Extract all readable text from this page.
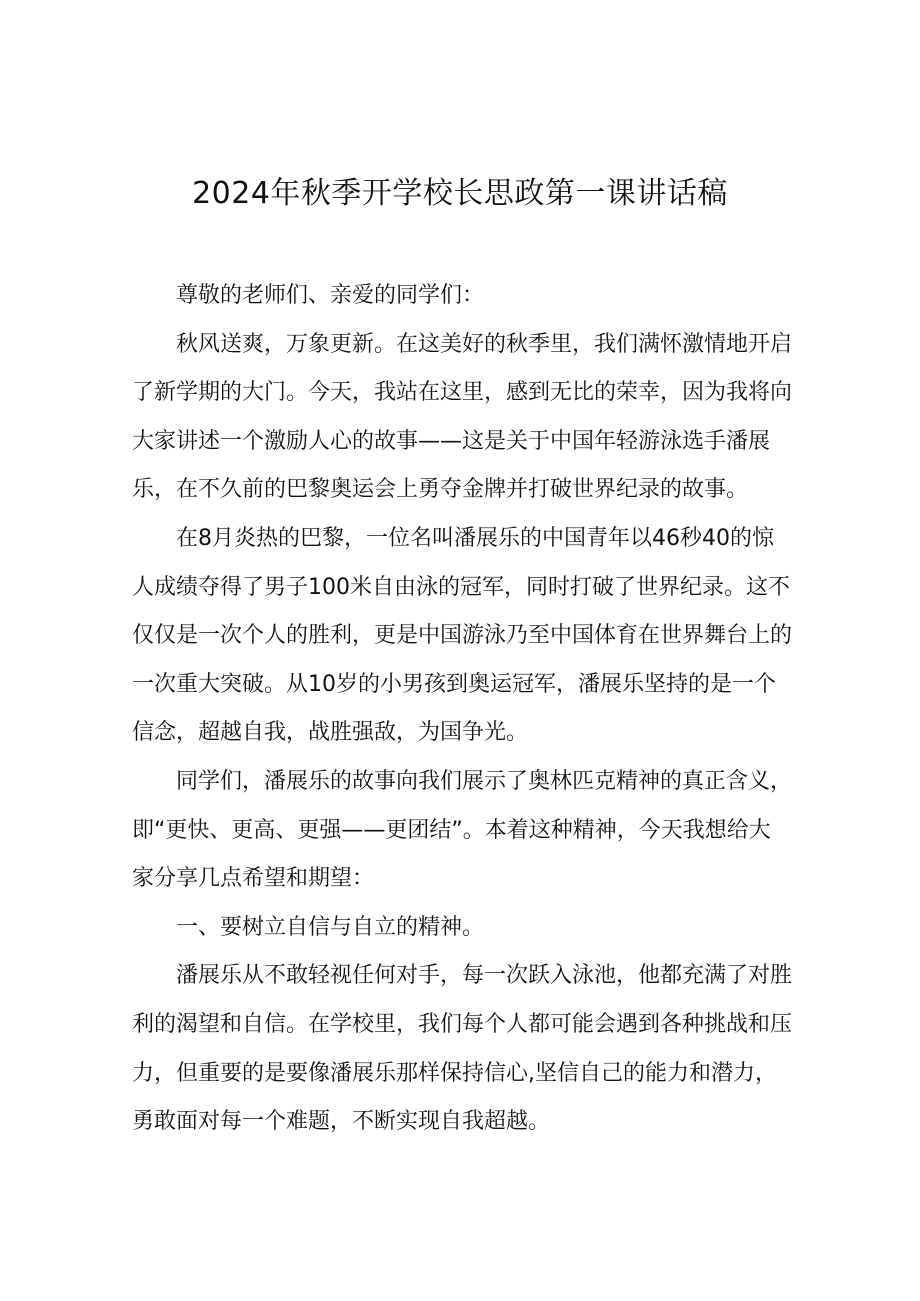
2024年秋季开学校长思政第一课讲话稿

尊敬的老师们、亲爱的同学们：

秋风送爽，万象更新。在这美好的秋季里，我们满怀激情地开启了新学期的大门。今天，我站在这里，感到无比的荣幸，因为我将向大家讲述一个激励人心的故事——这是关于中国年轻游泳选手潘展乐，在不久前的巴黎奥运会上勇夺金牌并打破世界纪录的故事。

在8月炎热的巴黎，一位名叫潘展乐的中国青年以46秒40的惊人成绩夺得了男子100米自由泳的冠军，同时打破了世界纪录。这不仅仅是一次个人的胜利，更是中国游泳乃至中国体育在世界舞台上的一次重大突破。从10岁的小男孩到奥运冠军，潘展乐坚持的是一个信念，超越自我，战胜强敌，为国争光。

同学们，潘展乐的故事向我们展示了奥林匹克精神的真正含义，即“更快、更高、更强——更团结”。本着这种精神，今天我想给大家分享几点希望和期望：

一、要树立自信与自立的精神。

潘展乐从不敢轻视任何对手，每一次跃入泳池，他都充满了对胜利的渴望和自信。在学校里，我们每个人都可能会遇到各种挑战和压力，但重要的是要像潘展乐那样保持信心,坚信自己的能力和潜力，勇敢面对每一个难题，不断实现自我超越。
